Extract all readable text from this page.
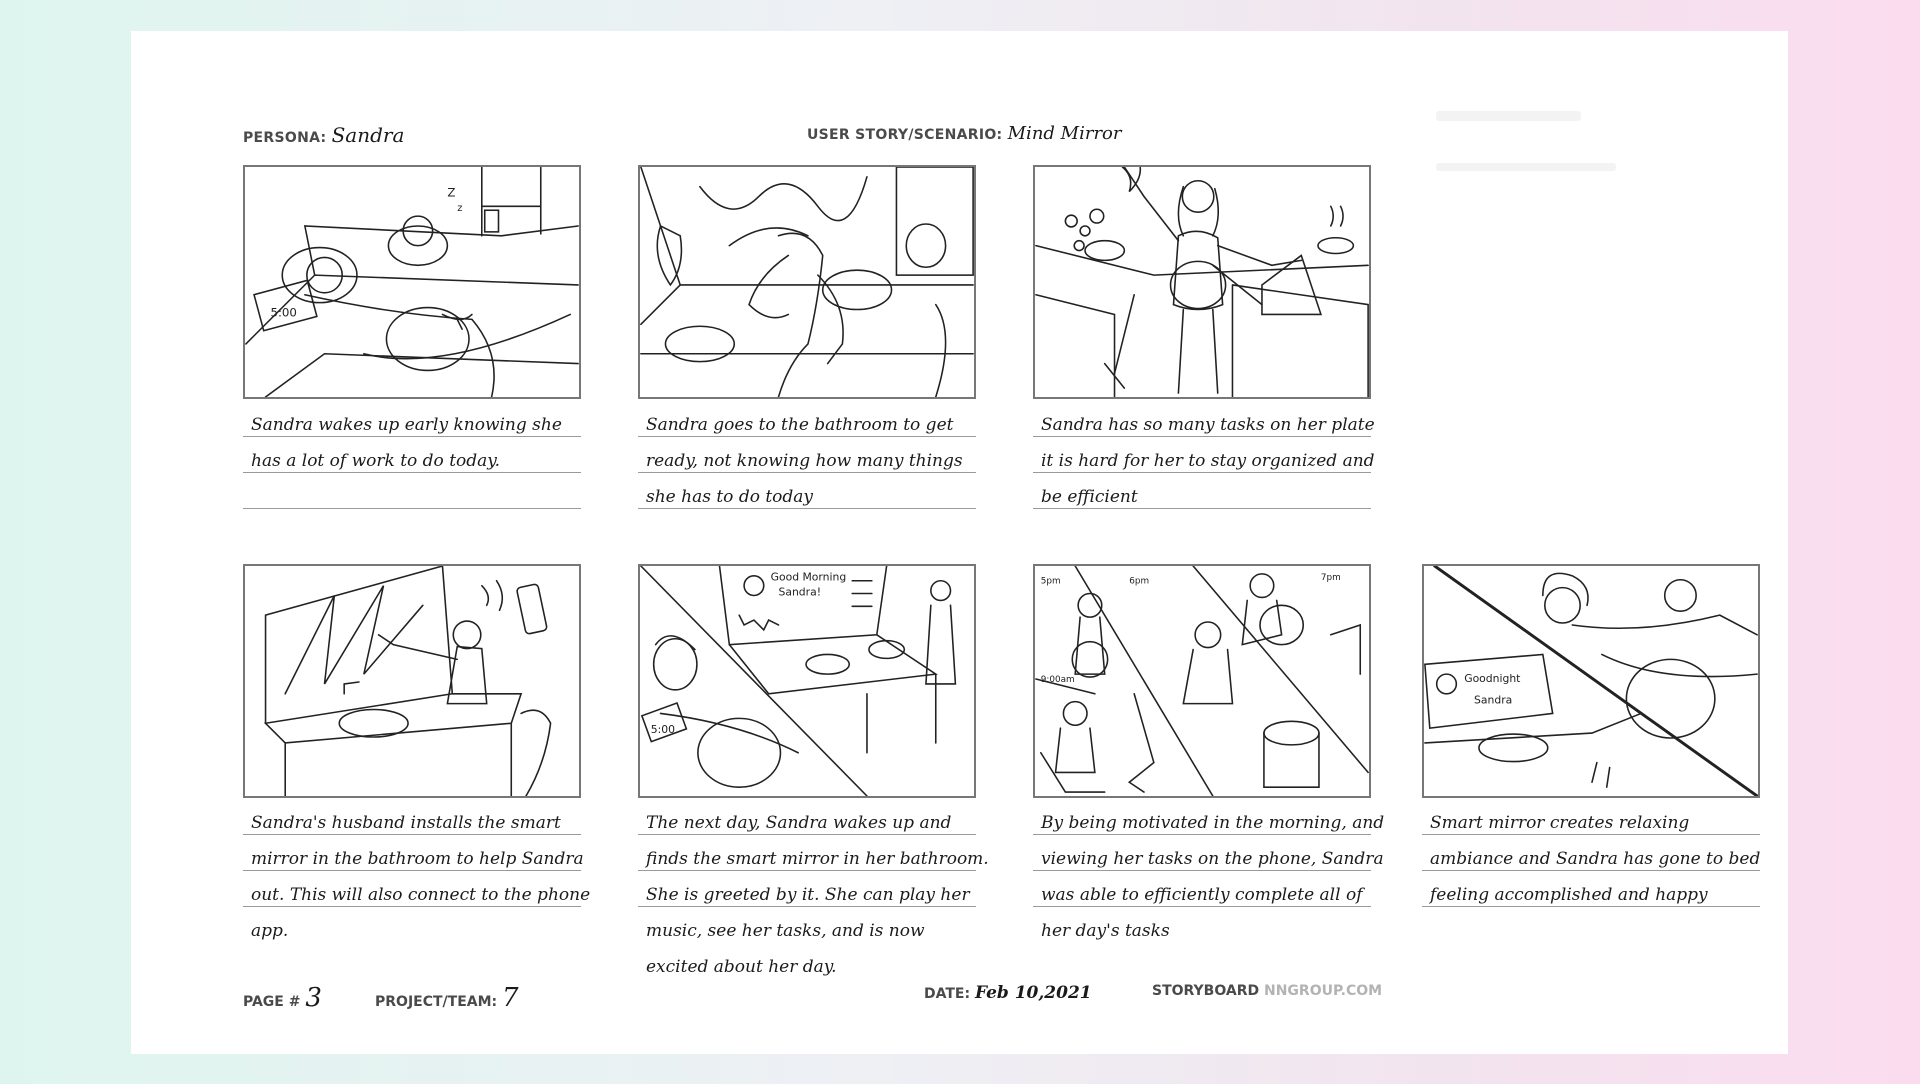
PERSONA: Sandra	USER STORY/SCENARIO: Mind Mirror
5:00
Z
z
Sandra wakes up early knowing she has a lot of work to do today.
Sandra goes to the bathroom to get ready, not knowing how many things she has to do today
Sandra has so many tasks on her plate it is hard for her to stay organized and be efficient
Sandra's husband installs the smart mirror in the bathroom to help Sandra out. This will also connect to the phone app.
Good Morning
Sandra!
5:00
The next day, Sandra wakes up and finds the smart mirror in her bathroom. She is greeted by it. She can play her music, see her tasks, and is now excited about her day.
5pm	6pm	7pm
9:00am
By being motivated in the morning, and viewing her tasks on the phone, Sandra was able to efficiently complete all of her day's tasks
Goodnight
Sandra
Smart mirror creates relaxing ambiance and Sandra has gone to bed feeling accomplished and happy
PAGE # 3	PROJECT/TEAM: 7	DATE: Feb 10,2021	STORYBOARD NNGROUP.COM
